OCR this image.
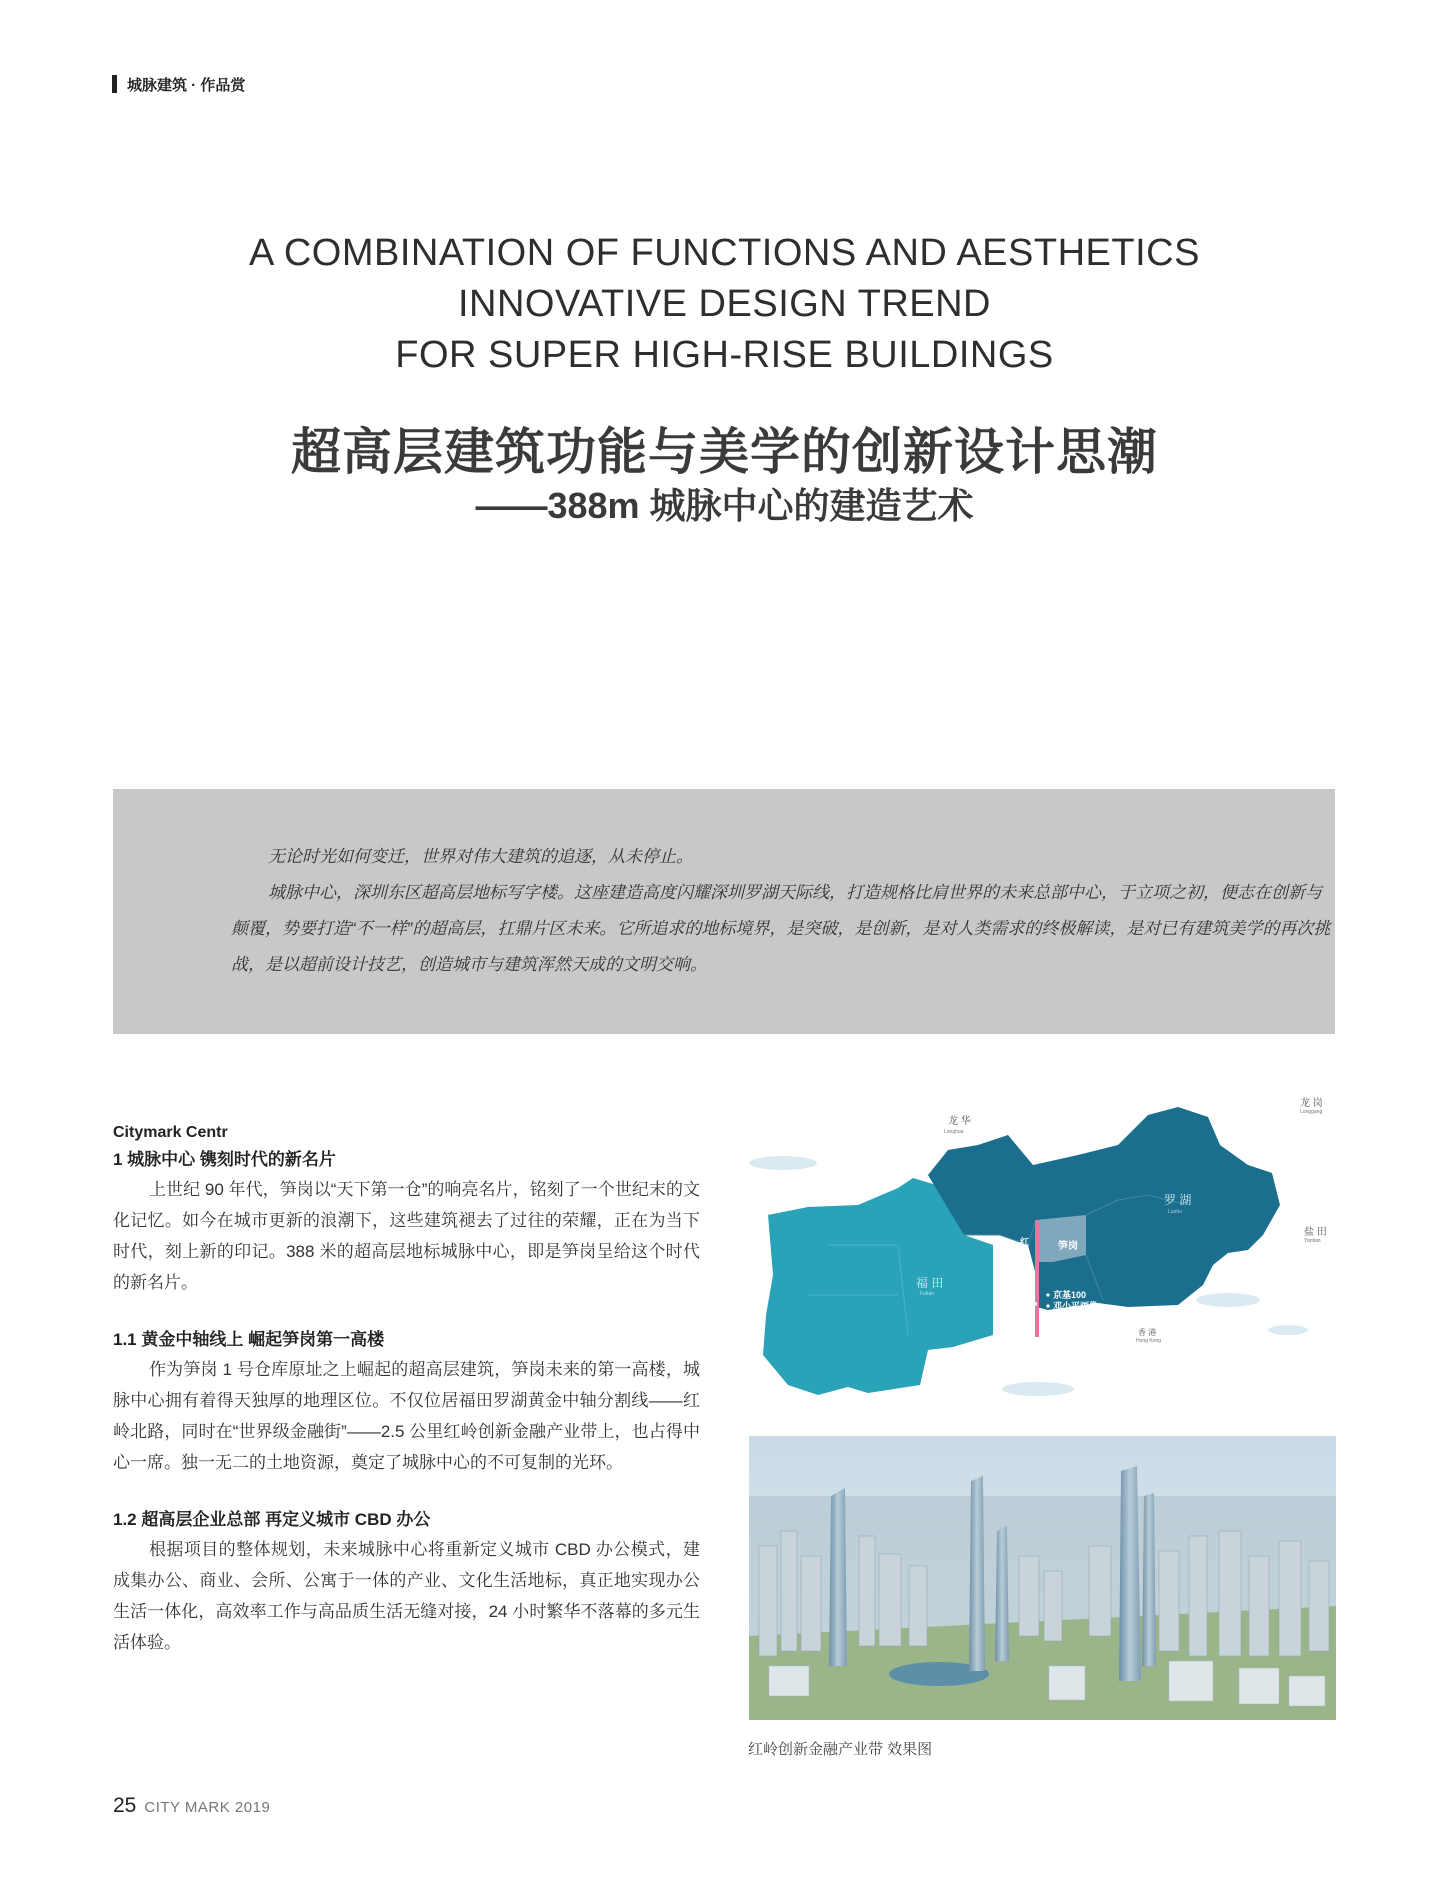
城脉建筑 · 作品赏
A COMBINATION OF FUNCTIONS AND AESTHETICS
INNOVATIVE DESIGN TREND
FOR SUPER HIGH-RISE BUILDINGS
超高层建筑功能与美学的创新设计思潮
——388m 城脉中心的建造艺术

无论时光如何变迁，世界对伟大建筑的追逐，从未停止。

城脉中心，深圳东区超高层地标写字楼。这座建造高度闪耀深圳罗湖天际线，打造规格比肩世界的未来总部中心，于立项之初，便志在创新与颠覆，势要打造“不一样”的超高层，扛鼎片区未来。它所追求的地标境界，是突破，是创新，是对人类需求的终极解读，是对已有建筑美学的再次挑战，是以超前设计技艺，创造城市与建筑浑然天成的文明交响。

Citymark Centr
1 城脉中心 镌刻时代的新名片

上世纪 90 年代，笋岗以“天下第一仓”的响亮名片，铭刻了一个世纪末的文化记忆。如今在城市更新的浪潮下，这些建筑褪去了过往的荣耀，正在为当下时代，刻上新的印记。388 米的超高层地标城脉中心，即是笋岗呈给这个时代的新名片。

1.1 黄金中轴线上 崛起笋岗第一高楼

作为笋岗 1 号仓库原址之上崛起的超高层建筑，笋岗未来的第一高楼，城脉中心拥有着得天独厚的地理区位。不仅位居福田罗湖黄金中轴分割线——红岭北路，同时在“世界级金融街”——2.5 公里红岭创新金融产业带上，也占得中心一席。独一无二的土地资源，奠定了城脉中心的不可复制的光环。

1.2 超高层企业总部 再定义城市 CBD 办公

根据项目的整体规划，未来城脉中心将重新定义城市 CBD 办公模式，建成集办公、商业、会所、公寓于一体的产业、文化生活地标，真正地实现办公生活一体化，高效率工作与高品质生活无缝对接，24 小时繁华不落幕的多元生活体验。

龙 华
Longhua
龙 岗
Longgang
罗 湖
Luohu
盐 田
Yantian
福 田
Futian
笋岗
红岭路
荔枝公园
京基100
邓小平画像
大剧院
香 港
Hong Kong
红岭创新金融产业带 效果图
25 CITY MARK 2019
